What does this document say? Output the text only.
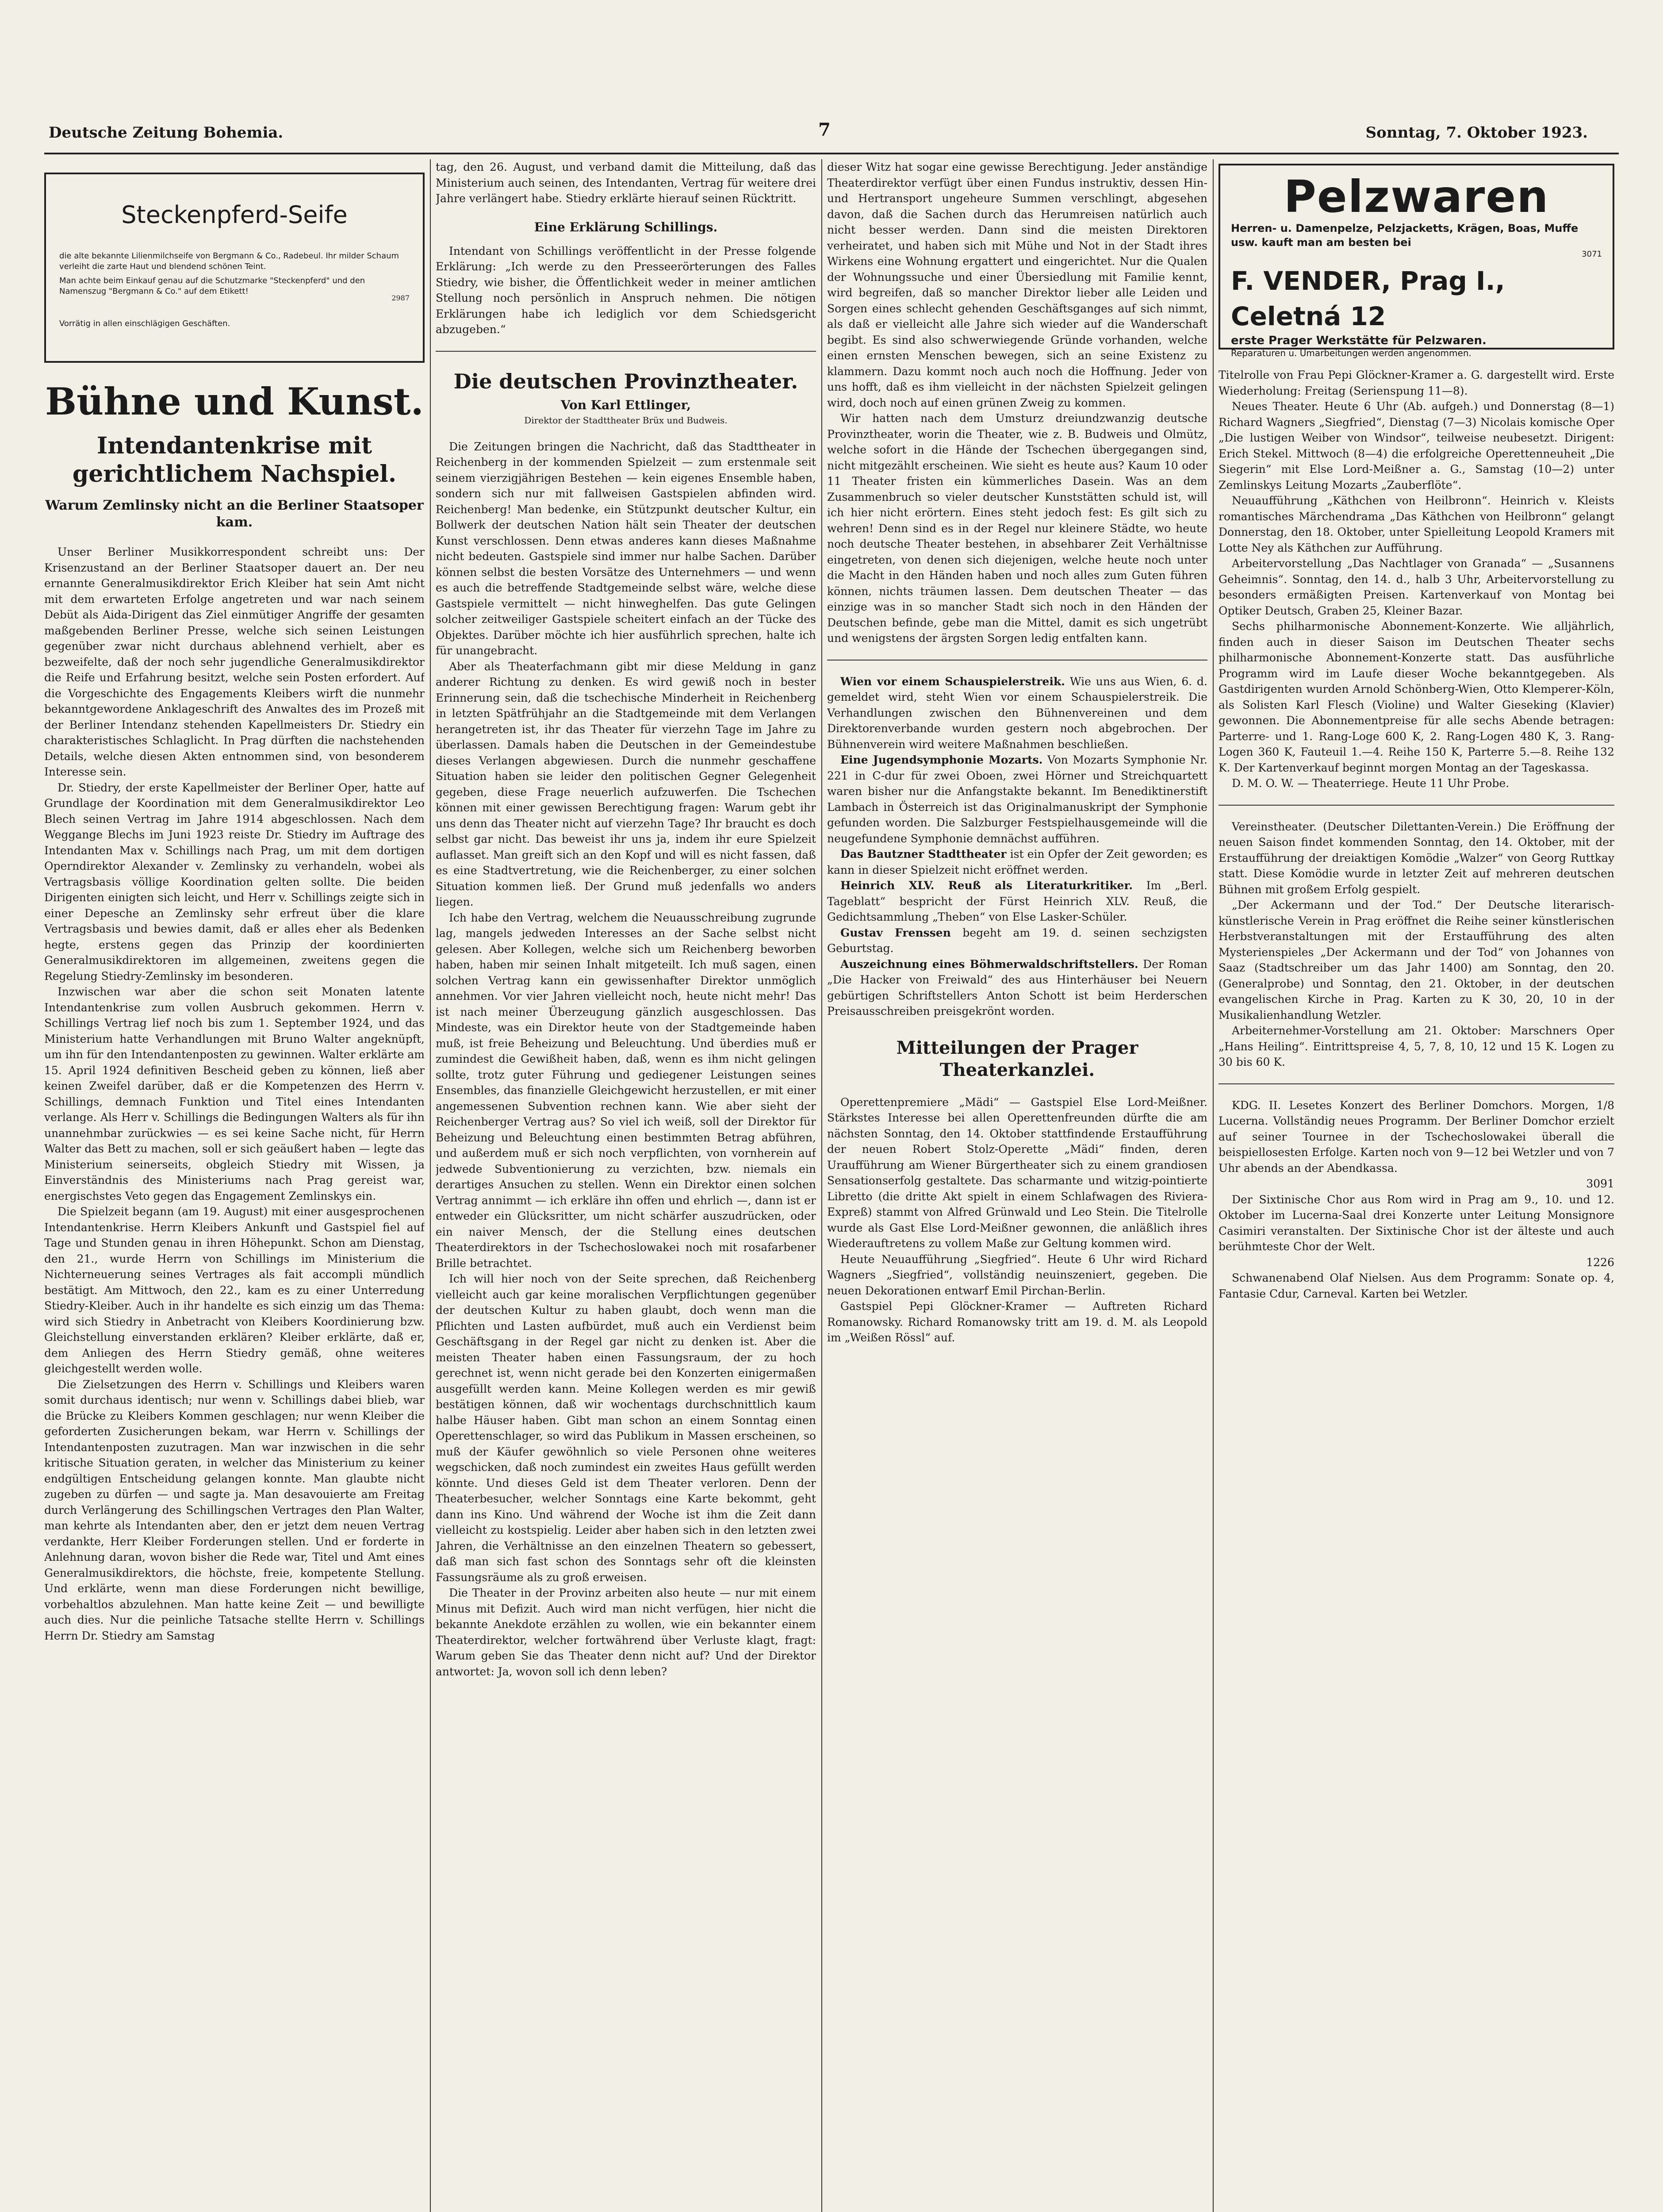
Deutsche Zeitung Bohemia.	7	Sonntag, 7. Oktober 1923.
Steckenpferd-Seife
die alte bekannte Lilienmilchseife von Bergmann & Co., Radebeul. Ihr milder Schaum verleiht die zarte Haut und blendend schönen Teint.
Man achte beim Einkauf genau auf die Schutzmarke "Steckenpferd" und den Namenszug "Bergmann & Co." auf dem Etikett!
2987
Vorrätig in allen einschlägigen Geschäften.
Bühne und Kunst.
Intendantenkrise mit gerichtlichem Nachspiel.
Warum Zemlinsky nicht an die Berliner Staatsoper kam.

Unser Berliner Musikkorrespondent schreibt uns: Der Krisenzustand an der Berliner Staatsoper dauert an. Der neu ernannte Generalmusikdirektor Erich Kleiber hat sein Amt nicht mit dem erwarteten Erfolge angetreten und war nach seinem Debüt als Aida-Dirigent das Ziel einmütiger Angriffe der gesamten maßgebenden Berliner Presse, welche sich seinen Leistungen gegenüber zwar nicht durchaus ablehnend verhielt, aber es bezweifelte, daß der noch sehr jugendliche Generalmusikdirektor die Reife und Erfahrung besitzt, welche sein Posten erfordert. Auf die Vorgeschichte des Engagements Kleibers wirft die nunmehr bekanntgewordene Anklageschrift des Anwaltes des im Prozeß mit der Berliner Intendanz stehenden Kapellmeisters Dr. Stiedry ein charakteristisches Schlaglicht. In Prag dürften die nachstehenden Details, welche diesen Akten entnommen sind, von besonderem Interesse sein.

Dr. Stiedry, der erste Kapellmeister der Berliner Oper, hatte auf Grundlage der Koordination mit dem Generalmusikdirektor Leo Blech seinen Vertrag im Jahre 1914 abgeschlossen. Nach dem Weggange Blechs im Juni 1923 reiste Dr. Stiedry im Auftrage des Intendanten Max v. Schillings nach Prag, um mit dem dortigen Operndirektor Alexander v. Zemlinsky zu verhandeln, wobei als Vertragsbasis völlige Koordination gelten sollte. Die beiden Dirigenten einigten sich leicht, und Herr v. Schillings zeigte sich in einer Depesche an Zemlinsky sehr erfreut über die klare Vertragsbasis und bewies damit, daß er alles eher als Bedenken hegte, erstens gegen das Prinzip der koordinierten Generalmusikdirektoren im allgemeinen, zweitens gegen die Regelung Stiedry-Zemlinsky im besonderen.

Inzwischen war aber die schon seit Monaten latente Intendantenkrise zum vollen Ausbruch gekommen. Herrn v. Schillings Vertrag lief noch bis zum 1. September 1924, und das Ministerium hatte Verhandlungen mit Bruno Walter angeknüpft, um ihn für den Intendantenposten zu gewinnen. Walter erklärte am 15. April 1924 definitiven Bescheid geben zu können, ließ aber keinen Zweifel darüber, daß er die Kompetenzen des Herrn v. Schillings, demnach Funktion und Titel eines Intendanten verlange. Als Herr v. Schillings die Bedingungen Walters als für ihn unannehmbar zurückwies — es sei keine Sache nicht, für Herrn Walter das Bett zu machen, soll er sich geäußert haben — legte das Ministerium seinerseits, obgleich Stiedry mit Wissen, ja Einverständnis des Ministeriums nach Prag gereist war, energischstes Veto gegen das Engagement Zemlinskys ein.

Die Spielzeit begann (am 19. August) mit einer ausgesprochenen Intendantenkrise. Herrn Kleibers Ankunft und Gastspiel fiel auf Tage und Stunden genau in ihren Höhepunkt. Schon am Dienstag, den 21., wurde Herrn von Schillings im Ministerium die Nichterneuerung seines Vertrages als fait accompli mündlich bestätigt. Am Mittwoch, den 22., kam es zu einer Unterredung Stiedry-Kleiber. Auch in ihr handelte es sich einzig um das Thema: wird sich Stiedry in Anbetracht von Kleibers Koordinierung bzw. Gleichstellung einverstanden erklären? Kleiber erklärte, daß er, dem Anliegen des Herrn Stiedry gemäß, ohne weiteres gleichgestellt werden wolle.

Die Zielsetzungen des Herrn v. Schillings und Kleibers waren somit durchaus identisch; nur wenn v. Schillings dabei blieb, war die Brücke zu Kleibers Kommen geschlagen; nur wenn Kleiber die geforderten Zusicherungen bekam, war Herrn v. Schillings der Intendantenposten zuzutragen. Man war inzwischen in die sehr kritische Situation geraten, in welcher das Ministerium zu keiner endgültigen Entscheidung gelangen konnte. Man glaubte nicht zugeben zu dürfen — und sagte ja. Man desavouierte am Freitag durch Verlängerung des Schillingschen Vertrages den Plan Walter, man kehrte als Intendanten aber, den er jetzt dem neuen Vertrag verdankte, Herr Kleiber Forderungen stellen. Und er forderte in Anlehnung daran, wovon bisher die Rede war, Titel und Amt eines Generalmusikdirektors, die höchste, freie, kompetente Stellung. Und erklärte, wenn man diese Forderungen nicht bewillige, vorbehaltlos abzulehnen. Man hatte keine Zeit — und bewilligte auch dies. Nur die peinliche Tatsache stellte Herrn v. Schillings Herrn Dr. Stiedry am Samstag

tag, den 26. August, und verband damit die Mitteilung, daß das Ministerium auch seinen, des Intendanten, Vertrag für weitere drei Jahre verlängert habe. Stiedry erklärte hierauf seinen Rücktritt.

Eine Erklärung Schillings.

Intendant von Schillings veröffentlicht in der Presse folgende Erklärung: „Ich werde zu den Presseerörterungen des Falles Stiedry, wie bisher, die Öffentlichkeit weder in meiner amtlichen Stellung noch persönlich in Anspruch nehmen. Die nötigen Erklärungen habe ich lediglich vor dem Schiedsgericht abzugeben.“

Die deutschen Provinztheater.
Von Karl Ettlinger,
Direktor der Stadttheater Brüx und Budweis.

Die Zeitungen bringen die Nachricht, daß das Stadttheater in Reichenberg in der kommenden Spielzeit — zum erstenmale seit seinem vierzigjährigen Bestehen — kein eigenes Ensemble haben, sondern sich nur mit fallweisen Gastspielen abfinden wird. Reichenberg! Man bedenke, ein Stützpunkt deutscher Kultur, ein Bollwerk der deutschen Nation hält sein Theater der deutschen Kunst verschlossen. Denn etwas anderes kann dieses Maßnahme nicht bedeuten. Gastspiele sind immer nur halbe Sachen. Darüber können selbst die besten Vorsätze des Unternehmers — und wenn es auch die betreffende Stadtgemeinde selbst wäre, welche diese Gastspiele vermittelt — nicht hinweghelfen. Das gute Gelingen solcher zeitweiliger Gastspiele scheitert einfach an der Tücke des Objektes. Darüber möchte ich hier ausführlich sprechen, halte ich für unangebracht.

Aber als Theaterfachmann gibt mir diese Meldung in ganz anderer Richtung zu denken. Es wird gewiß noch in bester Erinnerung sein, daß die tschechische Minderheit in Reichenberg in letzten Spätfrühjahr an die Stadtgemeinde mit dem Verlangen herangetreten ist, ihr das Theater für vierzehn Tage im Jahre zu überlassen. Damals haben die Deutschen in der Gemeindestube dieses Verlangen abgewiesen. Durch die nunmehr geschaffene Situation haben sie leider den politischen Gegner Gelegenheit gegeben, diese Frage neuerlich aufzuwerfen. Die Tschechen können mit einer gewissen Berechtigung fragen: Warum gebt ihr uns denn das Theater nicht auf vierzehn Tage? Ihr braucht es doch selbst gar nicht. Das beweist ihr uns ja, indem ihr eure Spielzeit auflasset. Man greift sich an den Kopf und will es nicht fassen, daß es eine Stadtvertretung, wie die Reichenberger, zu einer solchen Situation kommen ließ. Der Grund muß jedenfalls wo anders liegen.

Ich habe den Vertrag, welchem die Neuausschreibung zugrunde lag, mangels jedweden Interesses an der Sache selbst nicht gelesen. Aber Kollegen, welche sich um Reichenberg beworben haben, haben mir seinen Inhalt mitgeteilt. Ich muß sagen, einen solchen Vertrag kann ein gewissenhafter Direktor unmöglich annehmen. Vor vier Jahren vielleicht noch, heute nicht mehr! Das ist nach meiner Überzeugung gänzlich ausgeschlossen. Das Mindeste, was ein Direktor heute von der Stadtgemeinde haben muß, ist freie Beheizung und Beleuchtung. Und überdies muß er zumindest die Gewißheit haben, daß, wenn es ihm nicht gelingen sollte, trotz guter Führung und gediegener Leistungen seines Ensembles, das finanzielle Gleichgewicht herzustellen, er mit einer angemessenen Subvention rechnen kann. Wie aber sieht der Reichenberger Vertrag aus? So viel ich weiß, soll der Direktor für Beheizung und Beleuchtung einen bestimmten Betrag abführen, und außerdem muß er sich noch verpflichten, von vornherein auf jedwede Subventionierung zu verzichten, bzw. niemals ein derartiges Ansuchen zu stellen. Wenn ein Direktor einen solchen Vertrag annimmt — ich erkläre ihn offen und ehrlich —, dann ist er entweder ein Glücksritter, um nicht schärfer auszudrücken, oder ein naiver Mensch, der die Stellung eines deutschen Theaterdirektors in der Tschechoslowakei noch mit rosafarbener Brille betrachtet.

Ich will hier noch von der Seite sprechen, daß Reichenberg vielleicht auch gar keine moralischen Verpflichtungen gegenüber der deutschen Kultur zu haben glaubt, doch wenn man die Pflichten und Lasten aufbürdet, muß auch ein Verdienst beim Geschäftsgang in der Regel gar nicht zu denken ist. Aber die meisten Theater haben einen Fassungsraum, der zu hoch gerechnet ist, wenn nicht gerade bei den Konzerten einigermaßen ausgefüllt werden kann. Meine Kollegen werden es mir gewiß bestätigen können, daß wir wochentags durchschnittlich kaum halbe Häuser haben. Gibt man schon an einem Sonntag einen Operettenschlager, so wird das Publikum in Massen erscheinen, so muß der Käufer gewöhnlich so viele Personen ohne weiteres wegschicken, daß noch zumindest ein zweites Haus gefüllt werden könnte. Und dieses Geld ist dem Theater verloren. Denn der Theaterbesucher, welcher Sonntags eine Karte bekommt, geht dann ins Kino. Und während der Woche ist ihm die Zeit dann vielleicht zu kostspielig. Leider aber haben sich in den letzten zwei Jahren, die Verhältnisse an den einzelnen Theatern so gebessert, daß man sich fast schon des Sonntags sehr oft die kleinsten Fassungsräume als zu groß erweisen.

Die Theater in der Provinz arbeiten also heute — nur mit einem Minus mit Defizit. Auch wird man nicht verfügen, hier nicht die bekannte Anekdote erzählen zu wollen, wie ein bekannter einem Theaterdirektor, welcher fortwährend über Verluste klagt, fragt: Warum geben Sie das Theater denn nicht auf? Und der Direktor antwortet: Ja, wovon soll ich denn leben?

dieser Witz hat sogar eine gewisse Berechtigung. Jeder anständige Theaterdirektor verfügt über einen Fundus instruktiv, dessen Hin- und Hertransport ungeheure Summen verschlingt, abgesehen davon, daß die Sachen durch das Herumreisen natürlich auch nicht besser werden. Dann sind die meisten Direktoren verheiratet, und haben sich mit Mühe und Not in der Stadt ihres Wirkens eine Wohnung ergattert und eingerichtet. Nur die Qualen der Wohnungssuche und einer Übersiedlung mit Familie kennt, wird begreifen, daß so mancher Direktor lieber alle Leiden und Sorgen eines schlecht gehenden Geschäftsganges auf sich nimmt, als daß er vielleicht alle Jahre sich wieder auf die Wanderschaft begibt. Es sind also schwerwiegende Gründe vorhanden, welche einen ernsten Menschen bewegen, sich an seine Existenz zu klammern. Dazu kommt noch auch noch die Hoffnung. Jeder von uns hofft, daß es ihm vielleicht in der nächsten Spielzeit gelingen wird, doch noch auf einen grünen Zweig zu kommen.

Wir hatten nach dem Umsturz dreiundzwanzig deutsche Provinztheater, worin die Theater, wie z. B. Budweis und Olmütz, welche sofort in die Hände der Tschechen übergegangen sind, nicht mitgezählt erscheinen. Wie sieht es heute aus? Kaum 10 oder 11 Theater fristen ein kümmerliches Dasein. Was an dem Zusammenbruch so vieler deutscher Kunststätten schuld ist, will ich hier nicht erörtern. Eines steht jedoch fest: Es gilt sich zu wehren! Denn sind es in der Regel nur kleinere Städte, wo heute noch deutsche Theater bestehen, in absehbarer Zeit Verhältnisse eingetreten, von denen sich diejenigen, welche heute noch unter die Macht in den Händen haben und noch alles zum Guten führen können, nichts träumen lassen. Dem deutschen Theater — das einzige was in so mancher Stadt sich noch in den Händen der Deutschen befinde, gebe man die Mittel, damit es sich ungetrübt und wenigstens der ärgsten Sorgen ledig entfalten kann.

Wien vor einem Schauspielerstreik. Wie uns aus Wien, 6. d. gemeldet wird, steht Wien vor einem Schauspielerstreik. Die Verhandlungen zwischen den Bühnenvereinen und dem Direktorenverbande wurden gestern noch abgebrochen. Der Bühnenverein wird weitere Maßnahmen beschließen.

Eine Jugendsymphonie Mozarts. Von Mozarts Symphonie Nr. 221 in C-dur für zwei Oboen, zwei Hörner und Streichquartett waren bisher nur die Anfangstakte bekannt. Im Benediktinerstift Lambach in Österreich ist das Originalmanuskript der Symphonie gefunden worden. Die Salzburger Festspielhausgemeinde will die neugefundene Symphonie demnächst aufführen.

Das Bautzner Stadttheater ist ein Opfer der Zeit geworden; es kann in dieser Spielzeit nicht eröffnet werden.

Heinrich XLV. Reuß als Literaturkritiker. Im „Berl. Tageblatt“ bespricht der Fürst Heinrich XLV. Reuß, die Gedichtsammlung „Theben“ von Else Lasker-Schüler.

Gustav Frenssen begeht am 19. d. seinen sechzigsten Geburtstag.

Auszeichnung eines Böhmerwaldschriftstellers. Der Roman „Die Hacker von Freiwald“ des aus Hinterhäuser bei Neuern gebürtigen Schriftstellers Anton Schott ist beim Herderschen Preisausschreiben preisgekrönt worden.

Mitteilungen der Prager Theaterkanzlei.

Operettenpremiere „Mädi“ — Gastspiel Else Lord-Meißner. Stärkstes Interesse bei allen Operettenfreunden dürfte die am nächsten Sonntag, den 14. Oktober stattfindende Erstaufführung der neuen Robert Stolz-Operette „Mädi“ finden, deren Uraufführung am Wiener Bürgertheater sich zu einem grandiosen Sensationserfolg gestaltete. Das scharmante und witzig-pointierte Libretto (die dritte Akt spielt in einem Schlafwagen des Riviera-Expreß) stammt von Alfred Grünwald und Leo Stein. Die Titelrolle wurde als Gast Else Lord-Meißner gewonnen, die anläßlich ihres Wiederauftretens zu vollem Maße zur Geltung kommen wird.

Heute Neuaufführung „Siegfried“. Heute 6 Uhr wird Richard Wagners „Siegfried“, vollständig neuinszeniert, gegeben. Die neuen Dekorationen entwarf Emil Pirchan-Berlin.

Gastspiel Pepi Glöckner-Kramer — Auftreten Richard Romanowsky. Richard Romanowsky tritt am 19. d. M. als Leopold im „Weißen Rössl“ auf.

Pelzwaren
Herren- u. Damenpelze, Pelzjacketts, Krägen, Boas, Muffe usw. kauft man am besten bei
3071
F. VENDER, Prag I., Celetná 12
erste Prager Werkstätte für Pelzwaren.
Reparaturen u. Umarbeitungen werden angenommen.

Titelrolle von Frau Pepi Glöckner-Kramer a. G. dargestellt wird. Erste Wiederholung: Freitag (Serienspung 11—8).

Neues Theater. Heute 6 Uhr (Ab. aufgeh.) und Donnerstag (8—1) Richard Wagners „Siegfried“, Dienstag (7—3) Nicolais komische Oper „Die lustigen Weiber von Windsor“, teilweise neubesetzt. Dirigent: Erich Stekel. Mittwoch (8—4) die erfolgreiche Operettenneuheit „Die Siegerin“ mit Else Lord-Meißner a. G., Samstag (10—2) unter Zemlinskys Leitung Mozarts „Zauberflöte“.

Neuaufführung „Käthchen von Heilbronn“. Heinrich v. Kleists romantisches Märchendrama „Das Käthchen von Heilbronn“ gelangt Donnerstag, den 18. Oktober, unter Spielleitung Leopold Kramers mit Lotte Ney als Käthchen zur Aufführung.

Arbeitervorstellung „Das Nachtlager von Granada“ — „Susannens Geheimnis“. Sonntag, den 14. d., halb 3 Uhr, Arbeitervorstellung zu besonders ermäßigten Preisen. Kartenverkauf von Montag bei Optiker Deutsch, Graben 25, Kleiner Bazar.

Sechs philharmonische Abonnement-Konzerte. Wie alljährlich, finden auch in dieser Saison im Deutschen Theater sechs philharmonische Abonnement-Konzerte statt. Das ausführliche Programm wird im Laufe dieser Woche bekanntgegeben. Als Gastdirigenten wurden Arnold Schönberg-Wien, Otto Klemperer-Köln, als Solisten Karl Flesch (Violine) und Walter Gieseking (Klavier) gewonnen. Die Abonnementpreise für alle sechs Abende betragen: Parterre- und 1. Rang-Loge 600 K, 2. Rang-Logen 480 K, 3. Rang-Logen 360 K, Fauteuil 1.—4. Reihe 150 K, Parterre 5.—8. Reihe 132 K. Der Kartenverkauf beginnt morgen Montag an der Tageskassa.

D. M. O. W. — Theaterriege. Heute 11 Uhr Probe.

Vereinstheater. (Deutscher Dilettanten-Verein.) Die Eröffnung der neuen Saison findet kommenden Sonntag, den 14. Oktober, mit der Erstaufführung der dreiaktigen Komödie „Walzer“ von Georg Ruttkay statt. Diese Komödie wurde in letzter Zeit auf mehreren deutschen Bühnen mit großem Erfolg gespielt.

„Der Ackermann und der Tod.“ Der Deutsche literarisch-künstlerische Verein in Prag eröffnet die Reihe seiner künstlerischen Herbstveranstaltungen mit der Erstaufführung des alten Mysterienspieles „Der Ackermann und der Tod“ von Johannes von Saaz (Stadtschreiber um das Jahr 1400) am Sonntag, den 20. (Generalprobe) und Sonntag, den 21. Oktober, in der deutschen evangelischen Kirche in Prag. Karten zu K 30, 20, 10 in der Musikalienhandlung Wetzler.

Arbeiternehmer-Vorstellung am 21. Oktober: Marschners Oper „Hans Heiling“. Eintrittspreise 4, 5, 7, 8, 10, 12 und 15 K. Logen zu 30 bis 60 K.

KDG. II. Lesetes Konzert des Berliner Domchors. Morgen, 1/8 Lucerna. Vollständig neues Programm. Der Berliner Domchor erzielt auf seiner Tournee in der Tschechoslowakei überall die beispiellosesten Erfolge. Karten noch von 9—12 bei Wetzler und von 7 Uhr abends an der Abendkassa.

3091

Der Sixtinische Chor aus Rom wird in Prag am 9., 10. und 12. Oktober im Lucerna-Saal drei Konzerte unter Leitung Monsignore Casimiri veranstalten. Der Sixtinische Chor ist der älteste und auch berühmteste Chor der Welt.

1226

Schwanenabend Olaf Nielsen. Aus dem Programm: Sonate op. 4, Fantasie Cdur, Carneval. Karten bei Wetzler.
